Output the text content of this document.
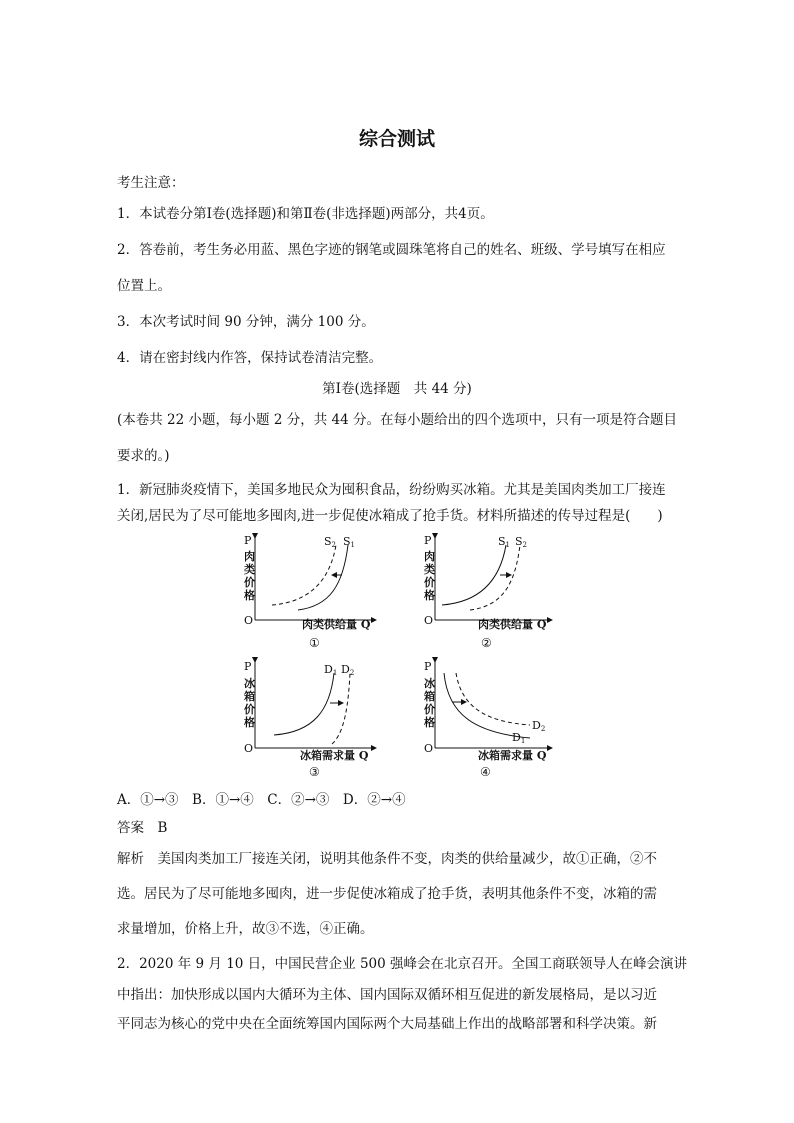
综合测试
考生注意：
1．本试卷分第Ⅰ卷(选择题)和第Ⅱ卷(非选择题)两部分，共4页。
2．答卷前，考生务必用蓝、黑色字迹的钢笔或圆珠笔将自己的姓名、班级、学号填写在相应
位置上。
3．本次考试时间 90 分钟，满分 100 分。
4．请在密封线内作答，保持试卷清洁完整。
第Ⅰ卷(选择题　共 44 分)
(本卷共 22 小题，每小题 2 分，共 44 分。在每小题给出的四个选项中，只有一项是符合题目
要求的。)
1．新冠肺炎疫情下，美国多地民众为囤积食品，纷纷购买冰箱。尤其是美国肉类加工厂接连
关闭,居民为了尽可能地多囤肉,进一步促使冰箱成了抢手货。材料所描述的传导过程是(　　)
P
肉
类
价
格
O
S2 S1
肉类供给量 Q
①
P
肉
类
价
格
O
S1 S2
肉类供给量 Q
②
P
冰
箱
价
格
O
D1 D2
冰箱需求量 Q
③
P
冰
箱
价
格
O
D2
D1
冰箱需求量 Q
④
A．①→③　B．①→④　C．②→③　D．②→④
答案　B
解析　美国肉类加工厂接连关闭，说明其他条件不变，肉类的供给量减少，故①正确，②不
选。居民为了尽可能地多囤肉，进一步促使冰箱成了抢手货，表明其他条件不变，冰箱的需
求量增加，价格上升，故③不选，④正确。
2．2020 年 9 月 10 日，中国民营企业 500 强峰会在北京召开。全国工商联领导人在峰会演讲
中指出：加快形成以国内大循环为主体、国内国际双循环相互促进的新发展格局，是以习近
平同志为核心的党中央在全面统筹国内国际两个大局基础上作出的战略部署和科学决策。新
